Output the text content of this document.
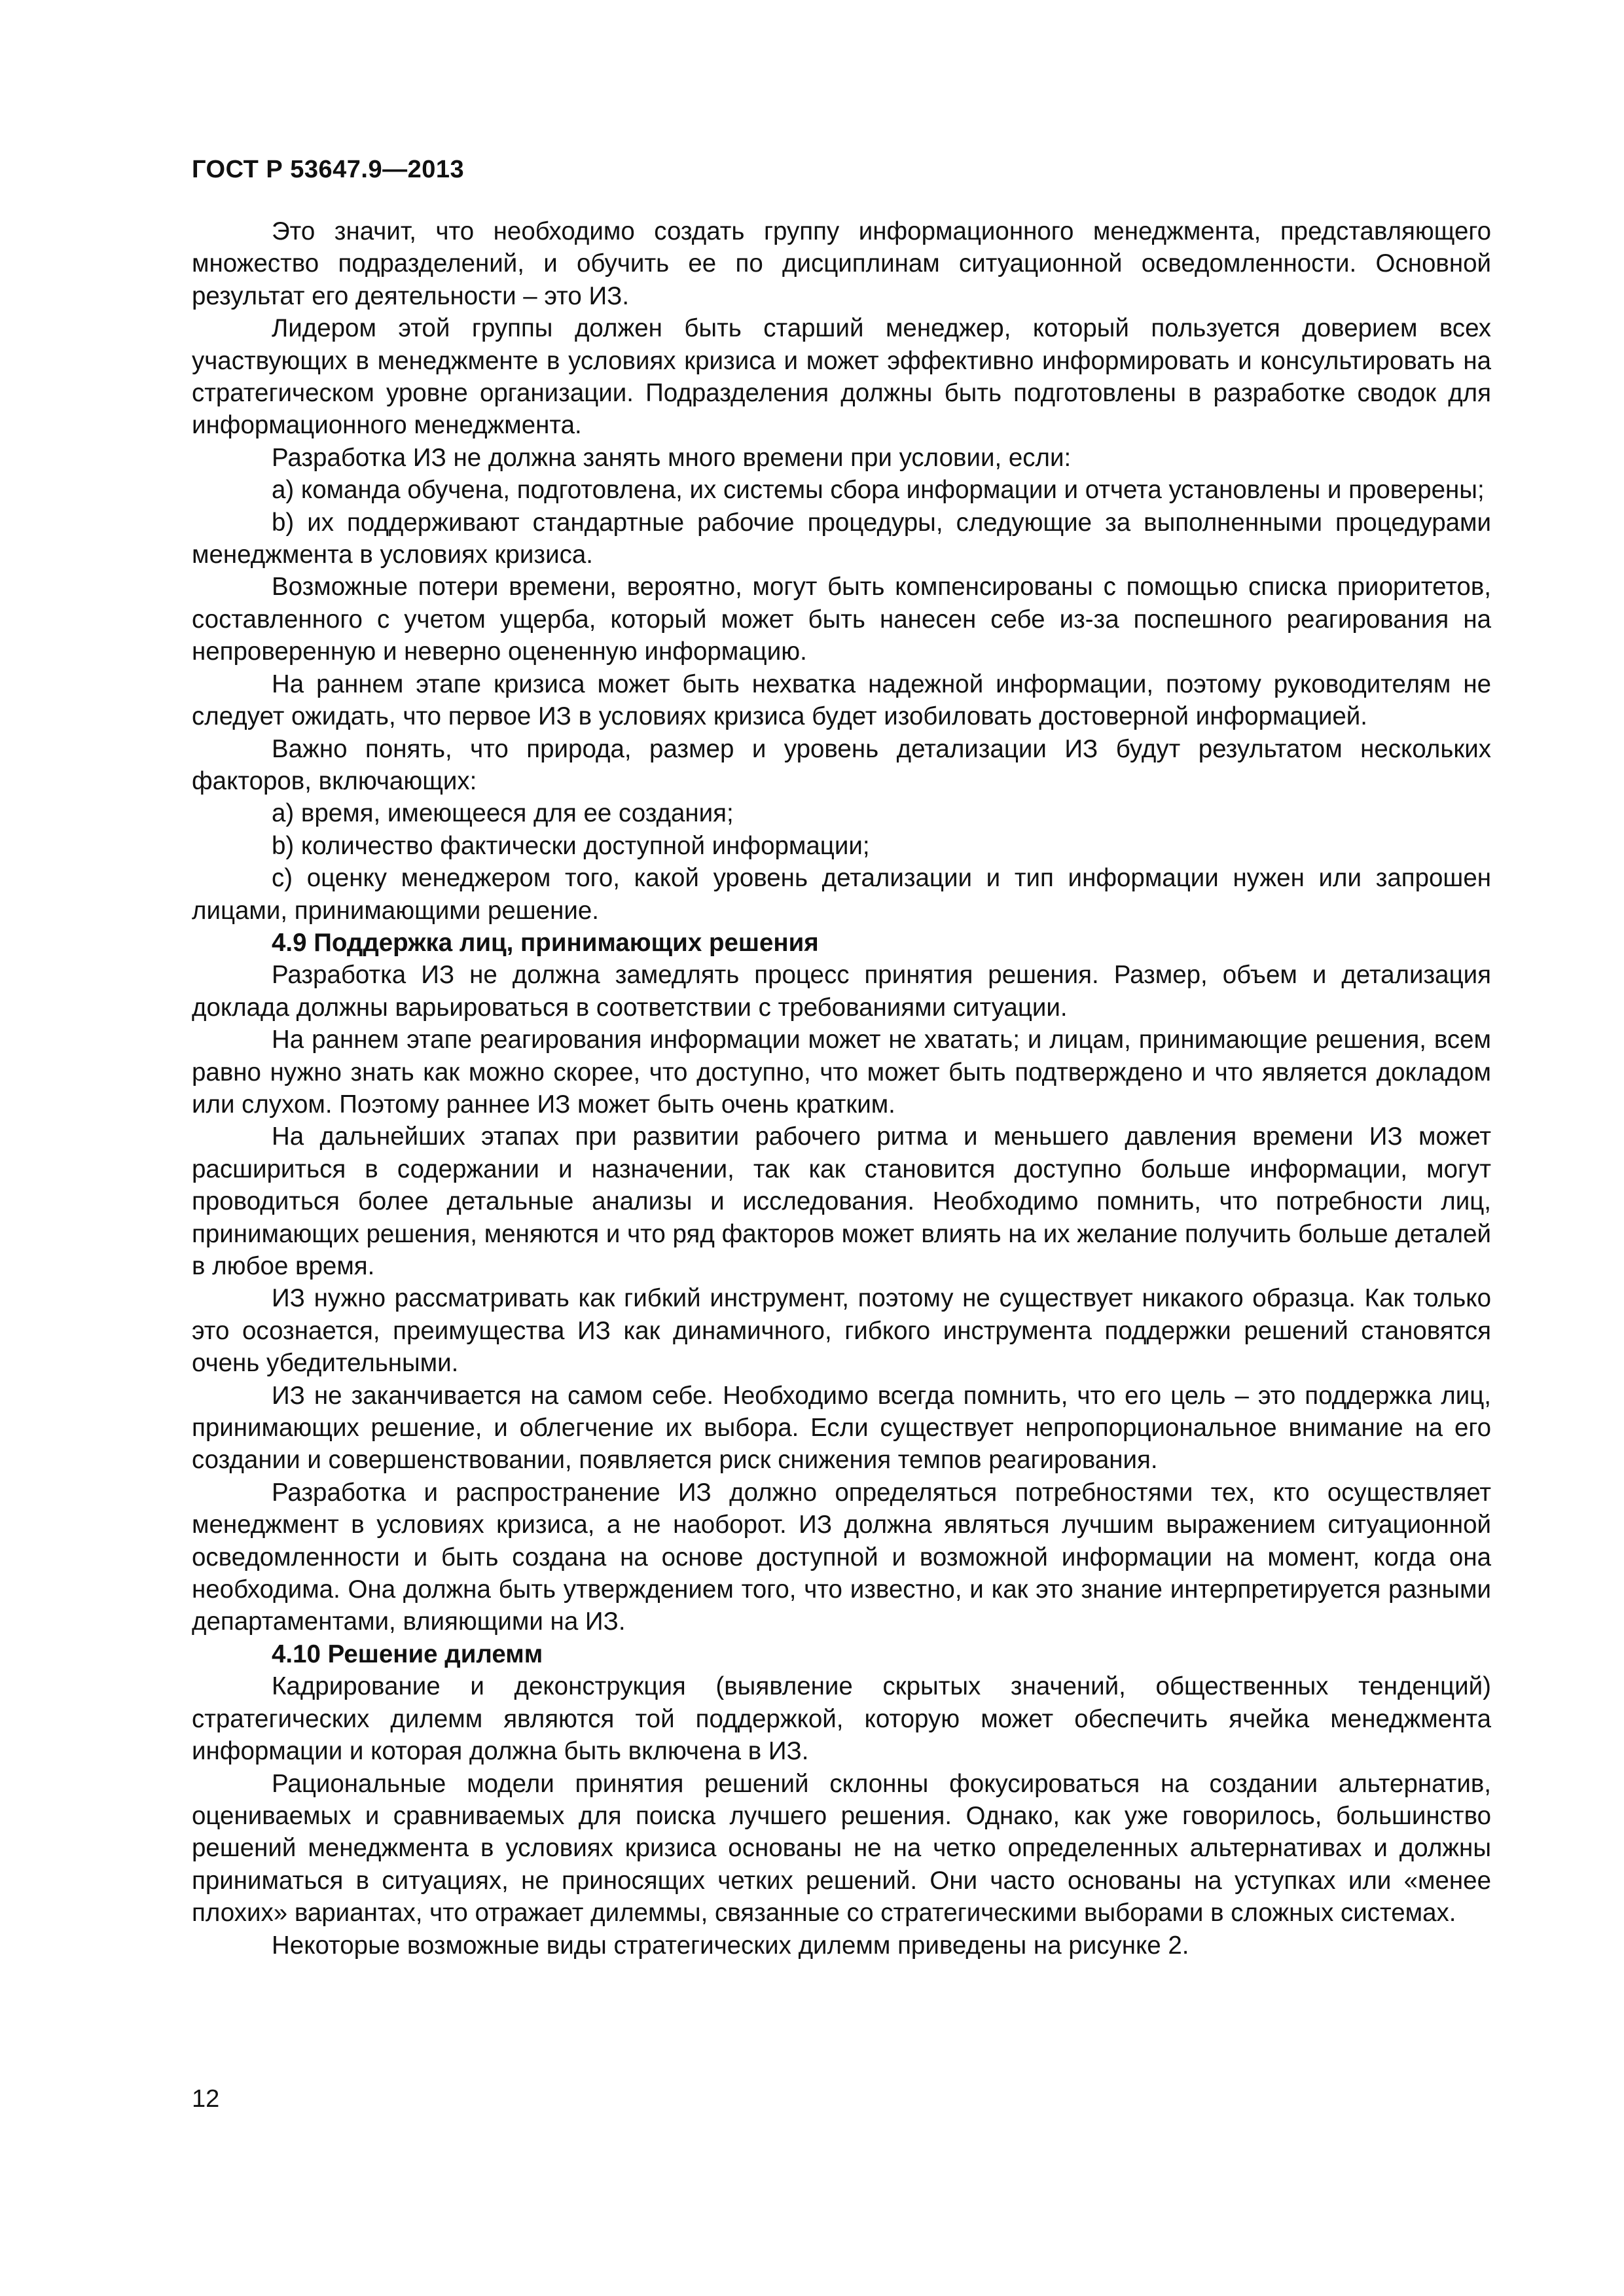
ГОСТ Р 53647.9—2013

Это значит, что необходимо создать группу информационного менеджмента, представляющего множество подразделений, и обучить ее по дисциплинам ситуационной осведомленности. Основной результат его деятельности – это ИЗ.

Лидером этой группы должен быть старший менеджер, который пользуется доверием всех участвующих в менеджменте в условиях кризиса и может эффективно информировать и консультировать на стратегическом уровне организации. Подразделения должны быть подготовлены в разработке сводок для информационного менеджмента.

Разработка ИЗ не должна занять много времени при условии, если:

а) команда обучена, подготовлена, их системы сбора информации и отчета установлены и проверены;

b) их поддерживают стандартные рабочие процедуры, следующие за выполненными процедурами менеджмента в условиях кризиса.

Возможные потери времени, вероятно, могут быть компенсированы с помощью списка приоритетов, составленного с учетом ущерба, который может быть нанесен себе из-за поспешного реагирования на непроверенную и неверно оцененную информацию.

На раннем этапе кризиса может быть нехватка надежной информации, поэтому руководителям не следует ожидать, что первое ИЗ в условиях кризиса будет изобиловать достоверной информацией.

Важно понять, что природа, размер и уровень детализации ИЗ будут результатом нескольких факторов, включающих:

а) время, имеющееся для ее создания;

b) количество фактически доступной информации;

с) оценку менеджером того, какой уровень детализации и тип информации нужен или запрошен лицами, принимающими решение.

4.9 Поддержка лиц, принимающих решения

Разработка ИЗ не должна замедлять процесс принятия решения. Размер, объем и детализация доклада должны варьироваться в соответствии с требованиями ситуации.

На раннем этапе реагирования информации может не хватать; и лицам, принимающие решения, всем равно нужно знать как можно скорее, что доступно, что может быть подтверждено и что является докладом или слухом. Поэтому раннее ИЗ может быть очень кратким.

На дальнейших этапах при развитии рабочего ритма и меньшего давления времени ИЗ может расшириться в содержании и назначении, так как становится доступно больше информации, могут проводиться более детальные анализы и исследования. Необходимо помнить, что потребности лиц, принимающих решения, меняются и что ряд факторов может влиять на их желание получить больше деталей в любое время.

ИЗ нужно рассматривать как гибкий инструмент, поэтому не существует никакого образца. Как только это осознается, преимущества ИЗ как динамичного, гибкого инструмента поддержки решений становятся очень убедительными.

ИЗ не заканчивается на самом себе. Необходимо всегда помнить, что его цель – это поддержка лиц, принимающих решение, и облегчение их выбора. Если существует непропорциональное внимание на его создании и совершенствовании, появляется риск снижения темпов реагирования.

Разработка и распространение ИЗ должно определяться потребностями тех, кто осуществляет менеджмент в условиях кризиса, а не наоборот. ИЗ должна являться лучшим выражением ситуационной осведомленности и быть создана на основе доступной и возможной информации на момент, когда она необходима. Она должна быть утверждением того, что известно, и как это знание интерпретируется разными департаментами, влияющими на ИЗ.

4.10 Решение дилемм

Кадрирование и деконструкция (выявление скрытых значений, общественных тенденций) стратегических дилемм являются той поддержкой, которую может обеспечить ячейка менеджмента информации и которая должна быть включена в ИЗ.

Рациональные модели принятия решений склонны фокусироваться на создании альтернатив, оцениваемых и сравниваемых для поиска лучшего решения. Однако, как уже говорилось, большинство решений менеджмента в условиях кризиса основаны не на четко определенных альтернативах и должны приниматься в ситуациях, не приносящих четких решений. Они часто основаны на уступках или «менее плохих» вариантах, что отражает дилеммы, связанные со стратегическими выборами в сложных системах.

Некоторые возможные виды стратегических дилемм приведены на рисунке 2.

12
